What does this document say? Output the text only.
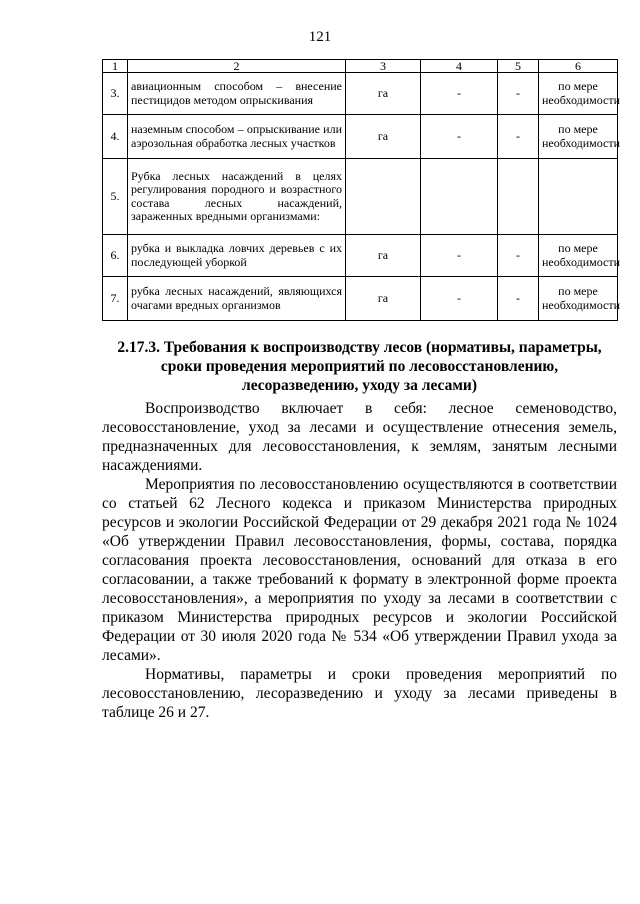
121
1	2	3	4	5	6
3.	авиационным способом – внесение пестицидов методом опрыскивания	га	-	-	по мере необходимости
4.	наземным способом – опрыскивание или аэрозольная обработка лесных участков	га	-	-	по мере необходимости
5.	Рубка лесных насаждений в целях регулирования породного и возрастного состава лесных насаждений, зараженных вредными организмами:				
6.	рубка и выкладка ловчих деревьев с их последующей уборкой	га	-	-	по мере необходимости
7.	рубка лесных насаждений, являющихся очагами вредных организмов	га	-	-	по мере необходимости
2.17.3. Требования к воспроизводству лесов (нормативы, параметры, сроки проведения мероприятий по лесовосстановлению, лесоразведению, уходу за лесами)

Воспроизводство включает в себя: лесное семеноводство, лесовосстановление, уход за лесами и осуществление отнесения земель, предназначенных для лесовосстановления, к землям, занятым лесными насаждениями.

Мероприятия по лесовосстановлению осуществляются в соответствии со статьей 62 Лесного кодекса и приказом Министерства природных ресурсов и экологии Российской Федерации от 29 декабря 2021 года № 1024 «Об утверждении Правил лесовосстановления, формы, состава, порядка согласования проекта лесовосстановления, оснований для отказа в его согласовании, а также требований к формату в электронной форме проекта лесовосстановления», а мероприятия по уходу за лесами в соответствии с приказом Министерства природных ресурсов и экологии Российской Федерации от 30 июля 2020 года № 534 «Об утверждении Правил ухода за лесами».

Нормативы, параметры и сроки проведения мероприятий по лесовосстановлению, лесоразведению и уходу за лесами приведены в таблице 26 и 27.
